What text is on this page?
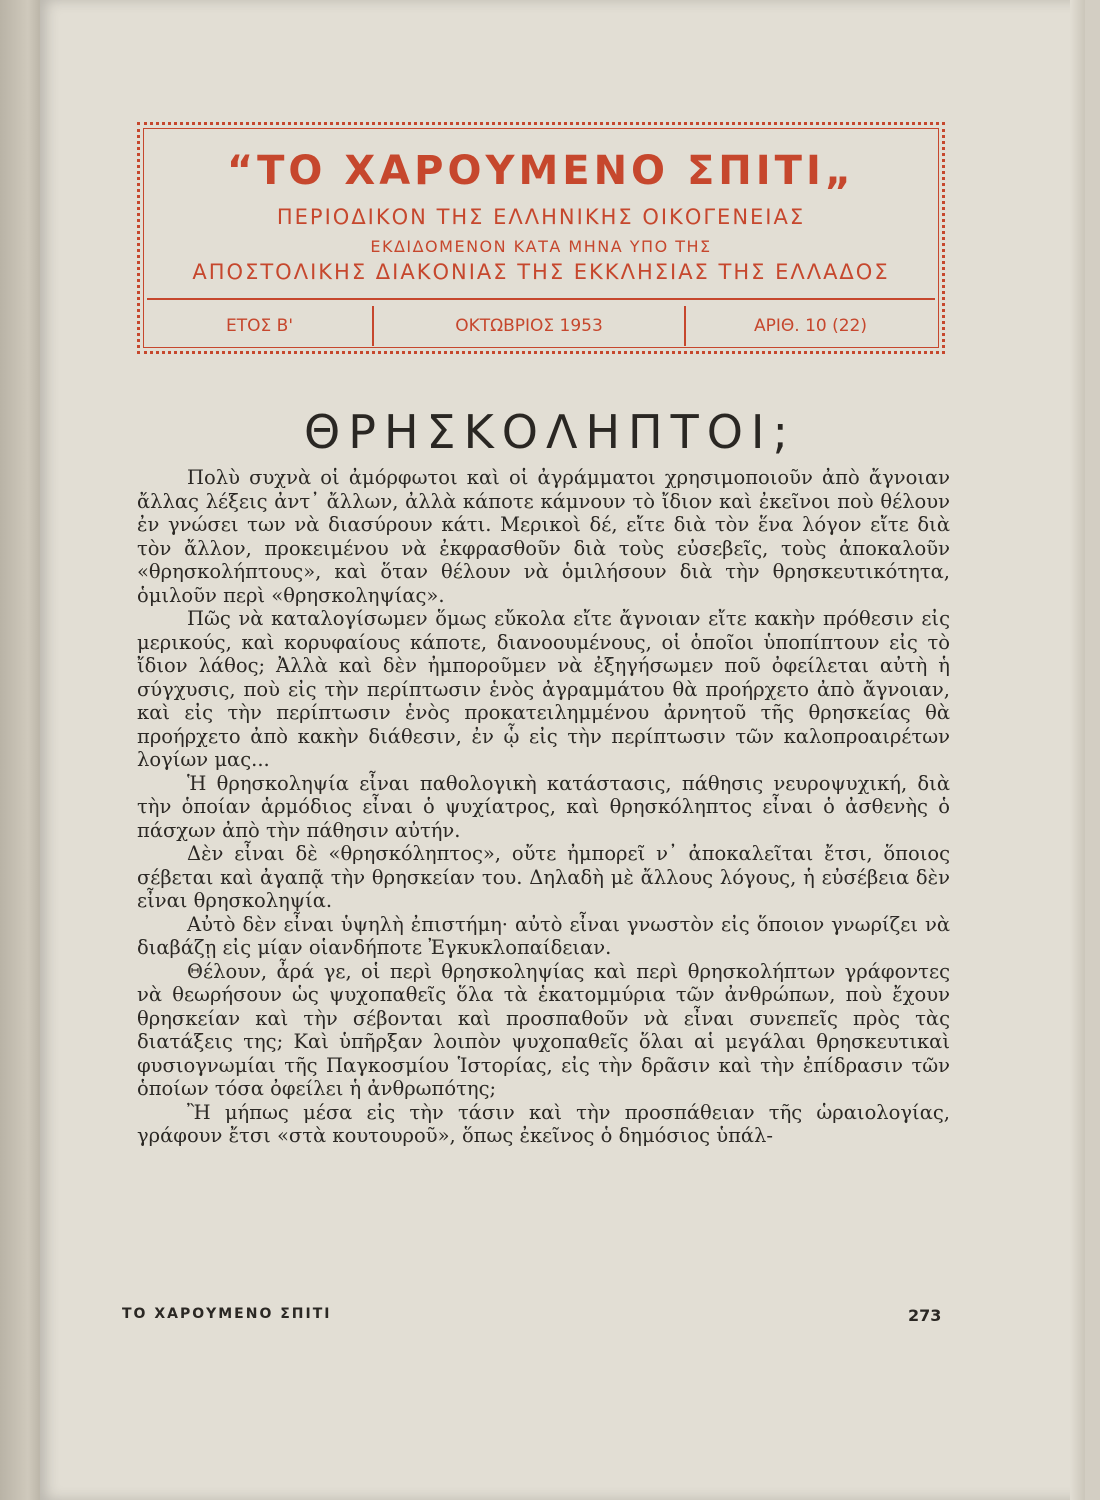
“ΤΟ ΧΑΡΟΥΜΕΝΟ ΣΠΙΤΙ„
ΠΕΡΙΟΔΙΚΟΝ ΤΗΣ ΕΛΛΗΝΙΚΗΣ ΟΙΚΟΓΕΝΕΙΑΣ
ΕΚΔΙΔΟΜΕΝΟΝ ΚΑΤΑ ΜΗΝΑ ΥΠΟ ΤΗΣ
ΑΠΟΣΤΟΛΙΚΗΣ ΔΙΑΚΟΝΙΑΣ ΤΗΣ ΕΚΚΛΗΣΙΑΣ ΤΗΣ ΕΛΛΑΔΟΣ
ΕΤΟΣ Β'	ΟΚΤΩΒΡΙΟΣ 1953	ΑΡΙΘ. 10 (22)
ΘΡΗΣΚΟΛΗΠΤΟΙ;

Πολὺ συχνὰ οἱ ἀμόρφωτοι καὶ οἱ ἀγράμματοι χρησιμοποιοῦν ἀπὸ ἄγνοιαν ἄλλας λέξεις ἀντ᾽ ἄλλων, ἀλλὰ κάποτε κάμνουν τὸ ἴδιον καὶ ἐκεῖνοι ποὺ θέλουν ἐν γνώσει των νὰ διασύρουν κάτι. Μερικοὶ δέ, εἴτε διὰ τὸν ἕνα λόγον εἴτε διὰ τὸν ἄλλον, προκειμένου νὰ ἐκφρασθοῦν διὰ τοὺς εὐσεβεῖς, τοὺς ἀποκαλοῦν «θρησκολήπτους», καὶ ὅταν θέλουν νὰ ὁμιλήσουν διὰ τὴν θρησκευτικότητα, ὁμιλοῦν περὶ «θρησκοληψίας».

Πῶς νὰ καταλογίσωμεν ὅμως εὔκολα εἴτε ἄγνοιαν εἴτε κακὴν πρόθεσιν εἰς μερικούς, καὶ κορυφαίους κάποτε, διανοουμένους, οἱ ὁποῖοι ὑποπίπτουν εἰς τὸ ἴδιον λάθος; Ἀλλὰ καὶ δὲν ἠμποροῦμεν νὰ ἐξηγήσωμεν ποῦ ὀφείλεται αὐτὴ ἡ σύγχυσις, ποὺ εἰς τὴν περίπτωσιν ἑνὸς ἀγραμμάτου θὰ προήρχετο ἀπὸ ἄγνοιαν, καὶ εἰς τὴν περίπτωσιν ἑνὸς προκατειλημμένου ἀρνητοῦ τῆς θρησκείας θὰ προήρχετο ἀπὸ κακὴν διάθεσιν, ἐν ᾧ εἰς τὴν περίπτωσιν τῶν καλοπροαιρέτων λογίων μας...

Ἡ θρησκοληψία εἶναι παθολογικὴ κατάστασις, πάθησις νευροψυχική, διὰ τὴν ὁποίαν ἁρμόδιος εἶναι ὁ ψυχίατρος, καὶ θρησκόληπτος εἶναι ὁ ἀσθενὴς ὁ πάσχων ἀπὸ τὴν πάθησιν αὐτήν.

Δὲν εἶναι δὲ «θρησκόληπτος», οὔτε ἠμπορεῖ ν᾽ ἀποκαλεῖται ἔτσι, ὅποιος σέβεται καὶ ἀγαπᾷ τὴν θρησκείαν του. Δηλαδὴ μὲ ἄλλους λόγους, ἡ εὐσέβεια δὲν εἶναι θρησκοληψία.

Αὐτὸ δὲν εἶναι ὑψηλὴ ἐπιστήμη· αὐτὸ εἶναι γνωστὸν εἰς ὅποιον γνωρίζει νὰ διαβάζῃ εἰς μίαν οἱανδήποτε Ἐγκυκλοπαίδειαν.

Θέλουν, ἆρά γε, οἱ περὶ θρησκοληψίας καὶ περὶ θρησκολήπτων γράφοντες νὰ θεωρήσουν ὡς ψυχοπαθεῖς ὅλα τὰ ἑκατομμύρια τῶν ἀνθρώπων, ποὺ ἔχουν θρησκείαν καὶ τὴν σέβονται καὶ προσπαθοῦν νὰ εἶναι συνεπεῖς πρὸς τὰς διατάξεις της; Καὶ ὑπῆρξαν λοιπὸν ψυχοπαθεῖς ὅλαι αἱ μεγάλαι θρησκευτικαὶ φυσιογνωμίαι τῆς Παγκοσμίου Ἱστορίας, εἰς τὴν δρᾶσιν καὶ τὴν ἐπίδρασιν τῶν ὁποίων τόσα ὀφείλει ἡ ἀνθρωπότης;

Ἢ μήπως μέσα εἰς τὴν τάσιν καὶ τὴν προσπάθειαν τῆς ὡραιολογίας, γράφουν ἔτσι «στὰ κουτουροῦ», ὅπως ἐκεῖνος ὁ δημόσιος ὑπάλ-

ΤΟ ΧΑΡΟΥΜΕΝΟ ΣΠΙΤΙ	273
